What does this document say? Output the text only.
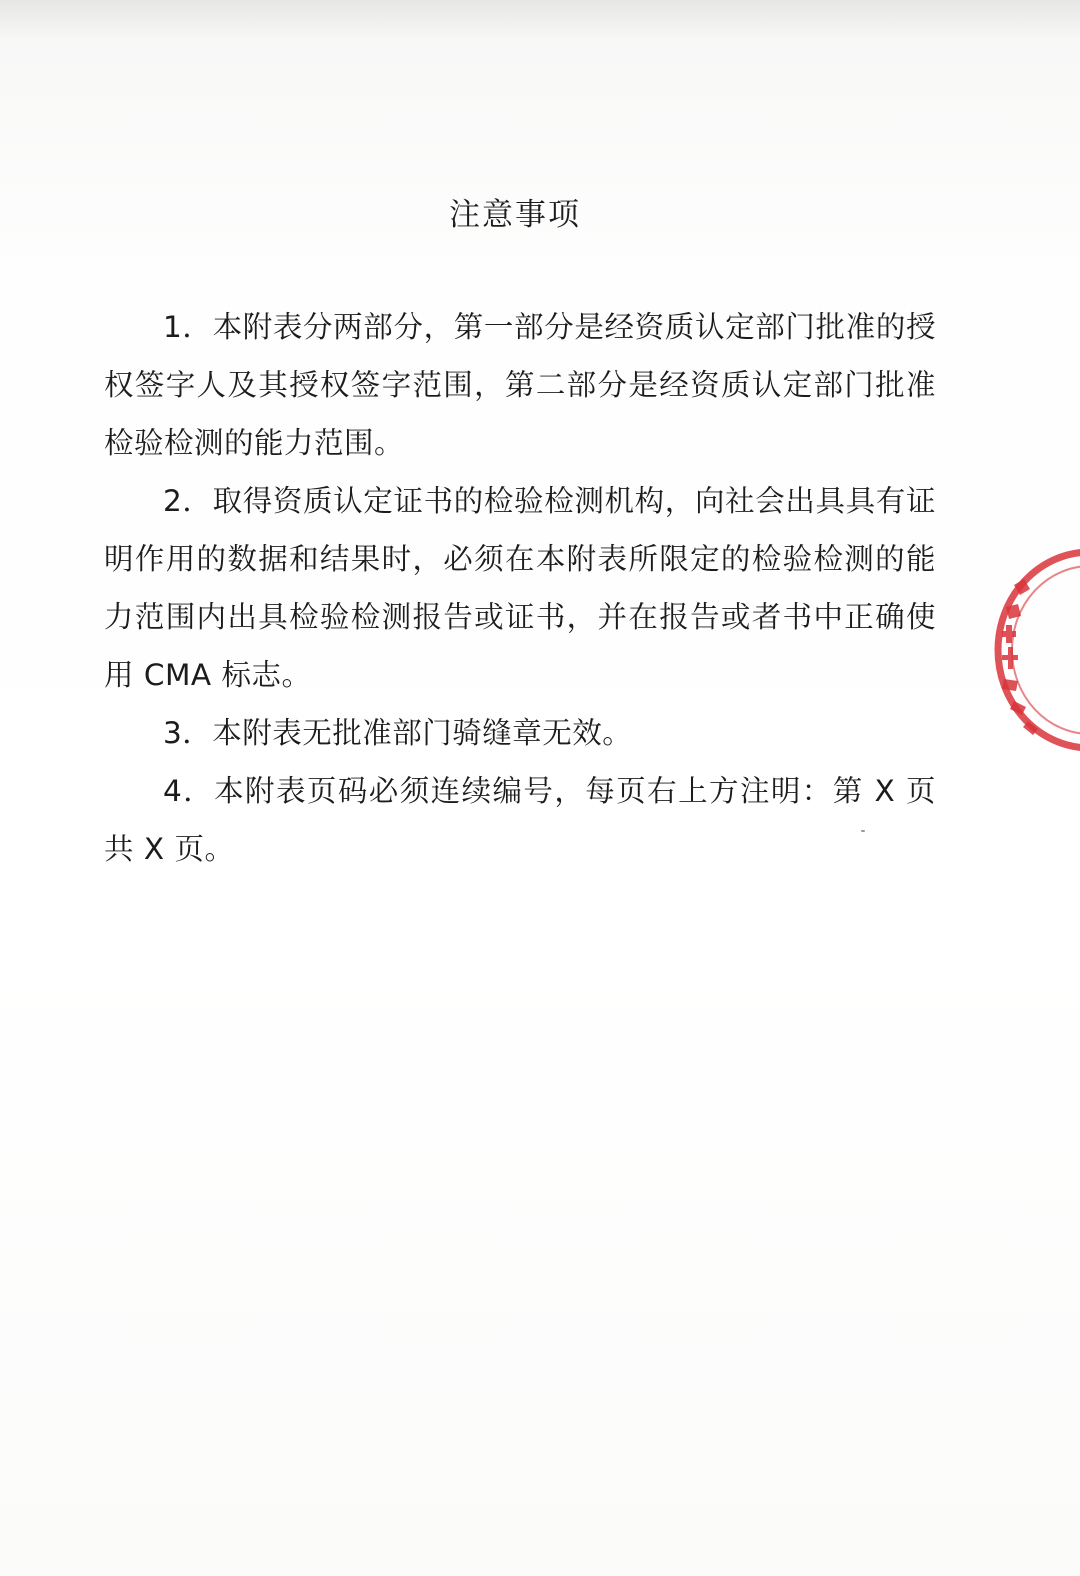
注意事项

1．本附表分两部分，第一部分是经资质认定部门批准的授权签字人及其授权签字范围，第二部分是经资质认定部门批准检验检测的能力范围。

2．取得资质认定证书的检验检测机构，向社会出具具有证明作用的数据和结果时，必须在本附表所限定的检验检测的能力范围内出具检验检测报告或证书，并在报告或者书中正确使用 CMA 标志。

3．本附表无批准部门骑缝章无效。

4．本附表页码必须连续编号，每页右上方注明：第 X 页共 X 页。
